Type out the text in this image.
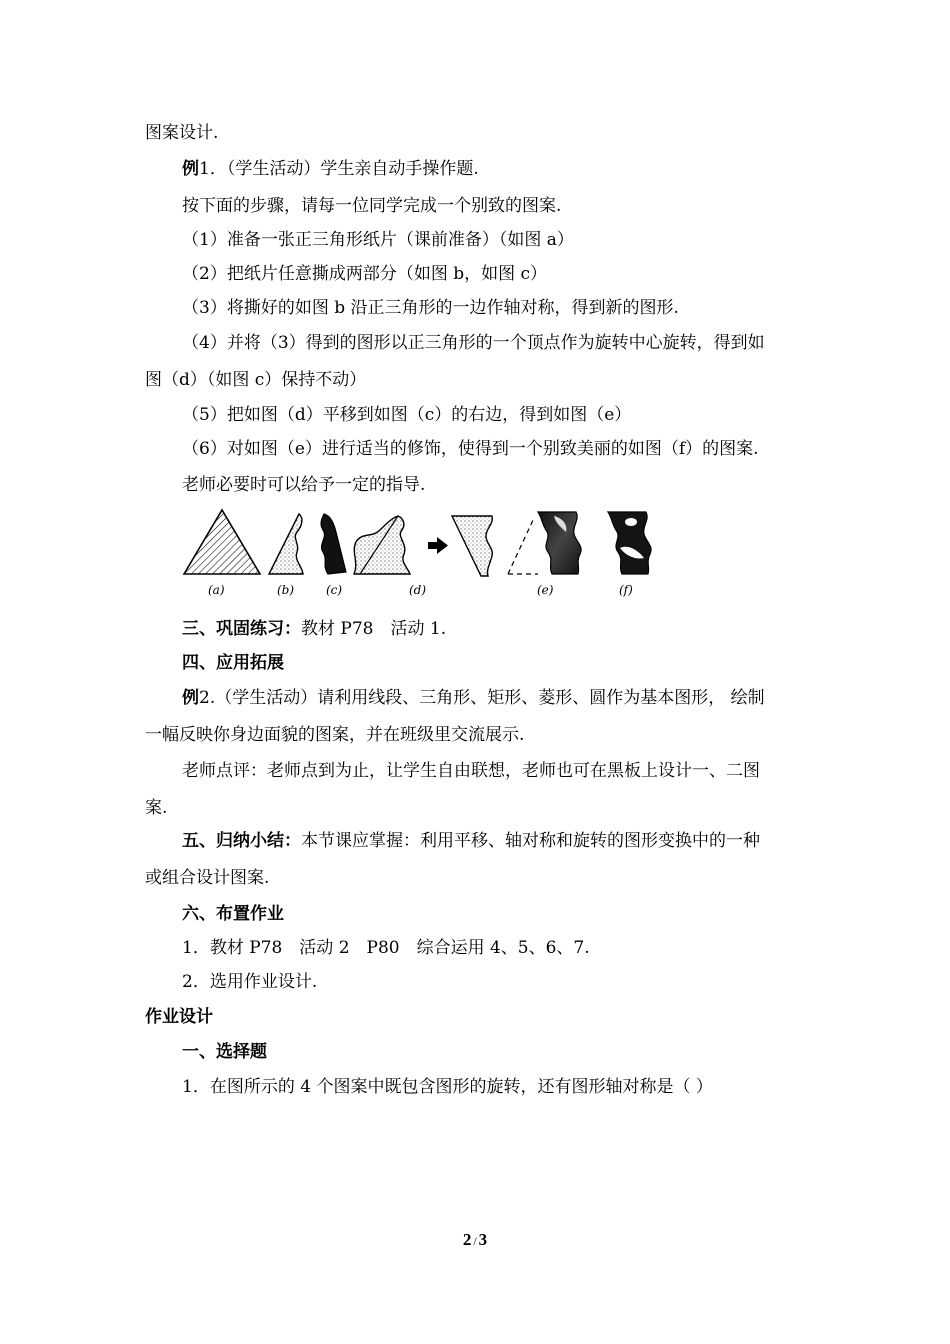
图案设计.
例1．（学生活动）学生亲自动手操作题.
按下面的步骤，请每一位同学完成一个别致的图案.
（1）准备一张正三角形纸片（课前准备）（如图 a）
（2）把纸片任意撕成两部分（如图 b，如图 c）
（3）将撕好的如图 b 沿正三角形的一边作轴对称，得到新的图形.
（4）并将（3）得到的图形以正三角形的一个顶点作为旋转中心旋转，得到如
图（d）（如图 c）保持不动）
（5）把如图（d）平移到如图（c）的右边，得到如图（e）
（6）对如图（e）进行适当的修饰，使得到一个别致美丽的如图（f）的图案.
老师必要时可以给予一定的指导.
(a)	(b)	(c)	(d)	(e)	(f)
三、巩固练习：教材 P78　活动 1.
四、应用拓展
例2.（学生活动）请利用线段、三角形、矩形、菱形、圆作为基本图形， 绘制
一幅反映你身边面貌的图案，并在班级里交流展示.
老师点评：老师点到为止，让学生自由联想，老师也可在黑板上设计一、二图
案.
五、归纳小结：本节课应掌握：利用平移、轴对称和旋转的图形变换中的一种
或组合设计图案.
六、布置作业
1．教材 P78　活动 2　P80　综合运用 4、5、6、7.
2．选用作业设计.
作业设计
一、选择题
1．在图所示的 4 个图案中既包含图形的旋转，还有图形轴对称是（ ）
2 / 3
